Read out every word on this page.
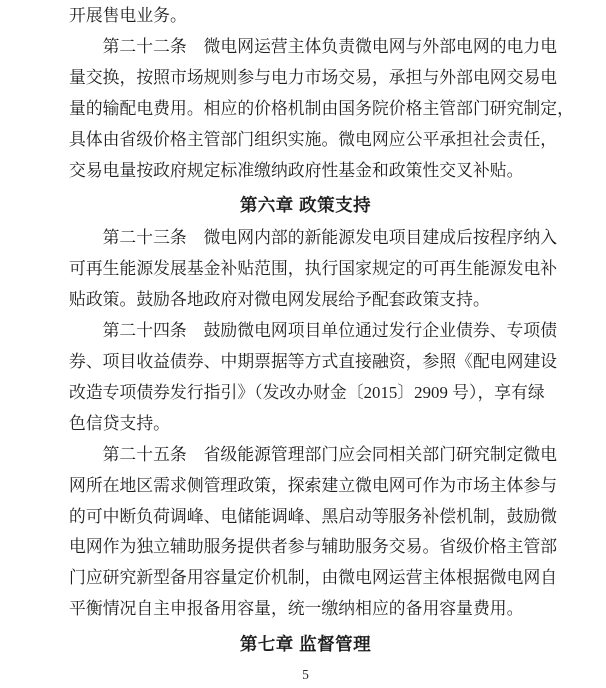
开展售电业务。
第二十二条　微电网运营主体负责微电网与外部电网的电力电
量交换，按照市场规则参与电力市场交易，承担与外部电网交易电
量的输配电费用。相应的价格机制由国务院价格主管部门研究制定，
具体由省级价格主管部门组织实施。微电网应公平承担社会责任，
交易电量按政府规定标准缴纳政府性基金和政策性交叉补贴。
第六章 政策支持
第二十三条　微电网内部的新能源发电项目建成后按程序纳入
可再生能源发展基金补贴范围，执行国家规定的可再生能源发电补
贴政策。鼓励各地政府对微电网发展给予配套政策支持。
第二十四条　鼓励微电网项目单位通过发行企业债券、专项债
券、项目收益债券、中期票据等方式直接融资，参照《配电网建设
改造专项债券发行指引》（发改办财金〔2015〕2909 号），享有绿
色信贷支持。
第二十五条　省级能源管理部门应会同相关部门研究制定微电
网所在地区需求侧管理政策，探索建立微电网可作为市场主体参与
的可中断负荷调峰、电储能调峰、黑启动等服务补偿机制，鼓励微
电网作为独立辅助服务提供者参与辅助服务交易。省级价格主管部
门应研究新型备用容量定价机制，由微电网运营主体根据微电网自
平衡情况自主申报备用容量，统一缴纳相应的备用容量费用。
第七章 监督管理
5
